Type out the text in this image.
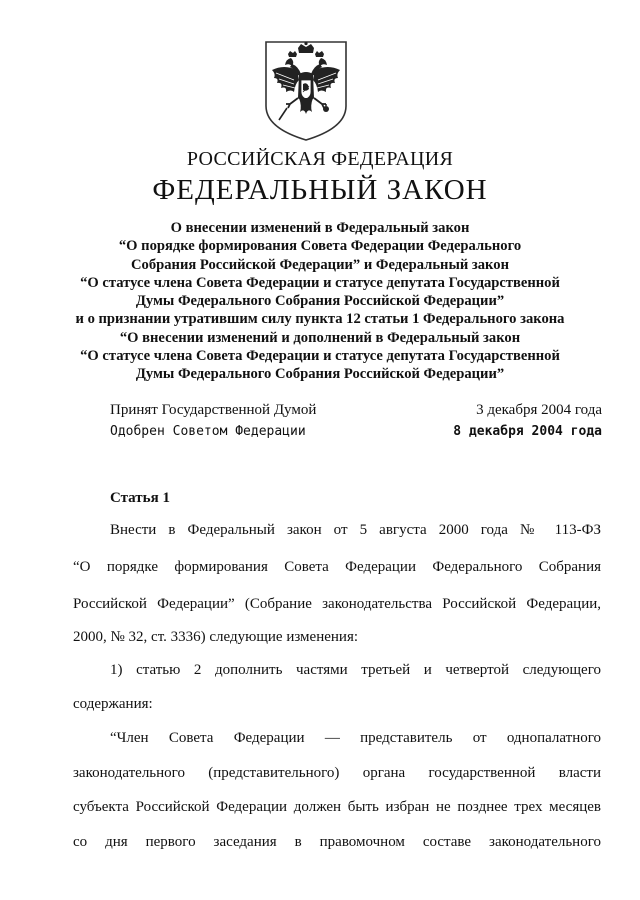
РОССИЙСКАЯ ФЕДЕРАЦИЯ
ФЕДЕРАЛЬНЫЙ ЗАКОН
О внесении изменений в Федеральный закон
“О порядке формирования Совета Федерации Федерального
Собрания Российской Федерации” и Федеральный закон
“О статусе члена Совета Федерации и статусе депутата Государственной
Думы Федерального Собрания Российской Федерации”
и о признании утратившим силу пункта 12 статьи 1 Федерального закона
“О внесении изменений и дополнений в Федеральный закон
“О статусе члена Совета Федерации и статусе депутата Государственной
Думы Федерального Собрания Российской Федерации”
Принят Государственной Думой	3 декабря 2004 года
Одобрен Советом Федерации	8 декабря 2004 года
Статья 1
Внести в Федеральный закон от 5 августа 2000 года № 113-ФЗ
“О порядке формирования Совета Федерации Федерального Собрания
Российской Федерации” (Собрание законодательства Российской Федерации,
2000, № 32, ст. 3336) следующие изменения:
1) статью 2 дополнить частями третьей и четвертой следующего
содержания:
“Член Совета Федерации — представитель от однопалатного
законодательного (представительного) органа государственной власти
субъекта Российской Федерации должен быть избран не позднее трех месяцев
со дня первого заседания в правомочном составе законодательного
